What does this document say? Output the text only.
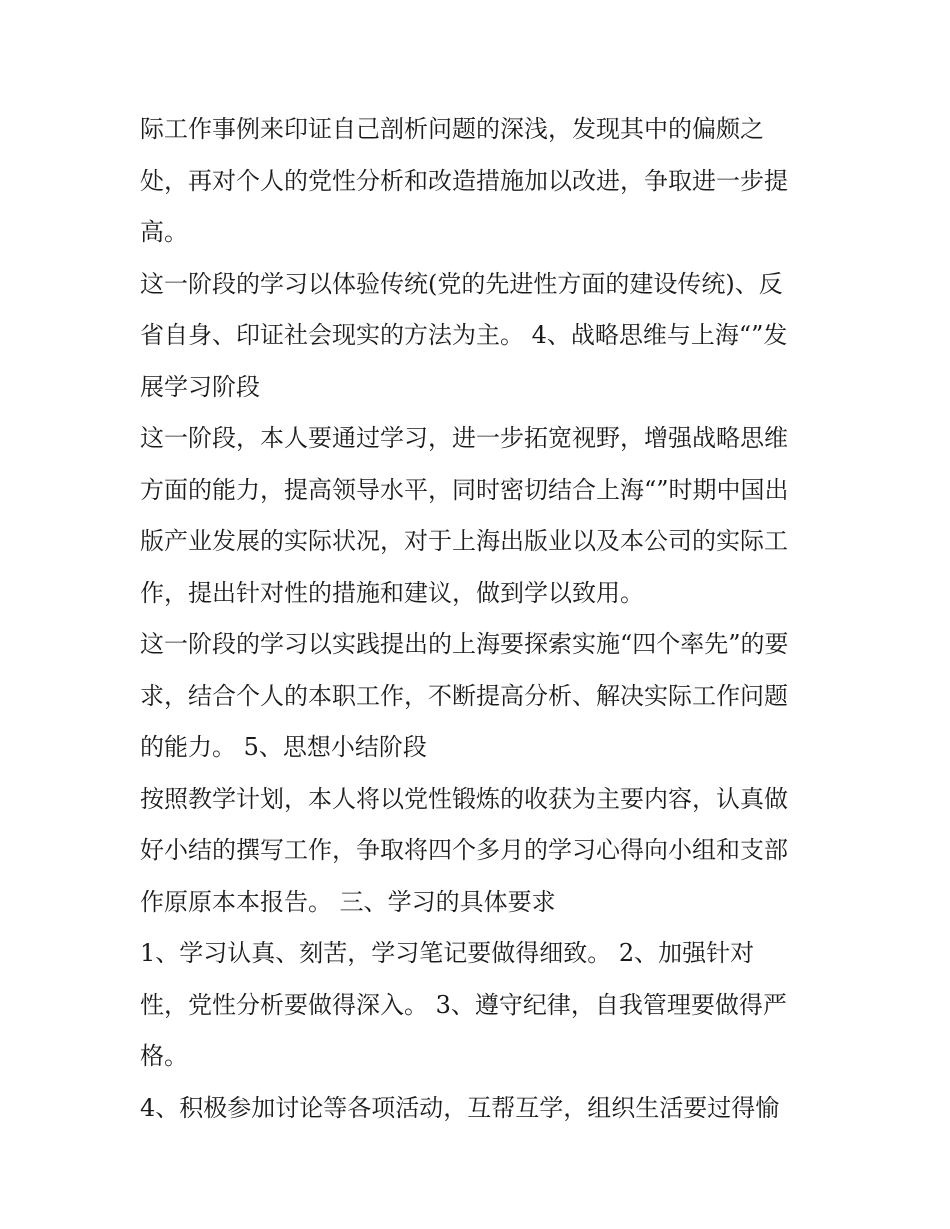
际工作事例来印证自己剖析问题的深浅，发现其中的偏颇之
处，再对个人的党性分析和改造措施加以改进，争取进一步提
高。
这一阶段的学习以体验传统(党的先进性方面的建设传统)、反
省自身、印证社会现实的方法为主。 4、战略思维与上海“”发
展学习阶段
这一阶段，本人要通过学习，进一步拓宽视野，增强战略思维
方面的能力，提高领导水平，同时密切结合上海“”时期中国出
版产业发展的实际状况，对于上海出版业以及本公司的实际工
作，提出针对性的措施和建议，做到学以致用。
这一阶段的学习以实践提出的上海要探索实施“四个率先”的要
求，结合个人的本职工作，不断提高分析、解决实际工作问题
的能力。 5、思想小结阶段
按照教学计划，本人将以党性锻炼的收获为主要内容，认真做
好小结的撰写工作，争取将四个多月的学习心得向小组和支部
作原原本本报告。 三、学习的具体要求
1、学习认真、刻苦，学习笔记要做得细致。 2、加强针对
性，党性分析要做得深入。 3、遵守纪律，自我管理要做得严
格。
4、积极参加讨论等各项活动，互帮互学，组织生活要过得愉
